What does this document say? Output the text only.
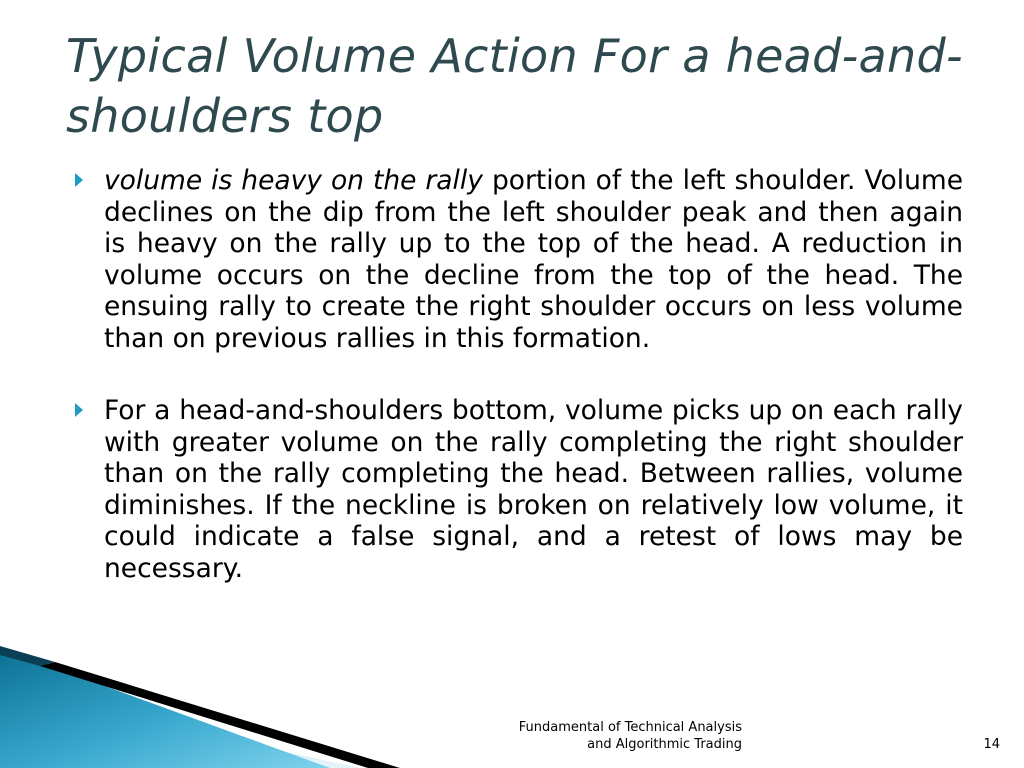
Typical Volume Action For a head-and-shoulders top
volume is heavy on the rally portion of the left shoulder. Volume declines on the dip from the left shoulder peak and then again is heavy on the rally up to the top of the head. A reduction in volume occurs on the decline from the top of the head. The ensuing rally to create the right shoulder occurs on less volume than on previous rallies in this formation.
For a head-and-shoulders bottom, volume picks up on each rally with greater volume on the rally completing the right shoulder than on the rally completing the head. Between rallies, volume diminishes. If the neckline is broken on relatively low volume, it could indicate a false signal, and a retest of lows may be necessary.
Fundamental of Technical Analysis
and Algorithmic Trading	14
